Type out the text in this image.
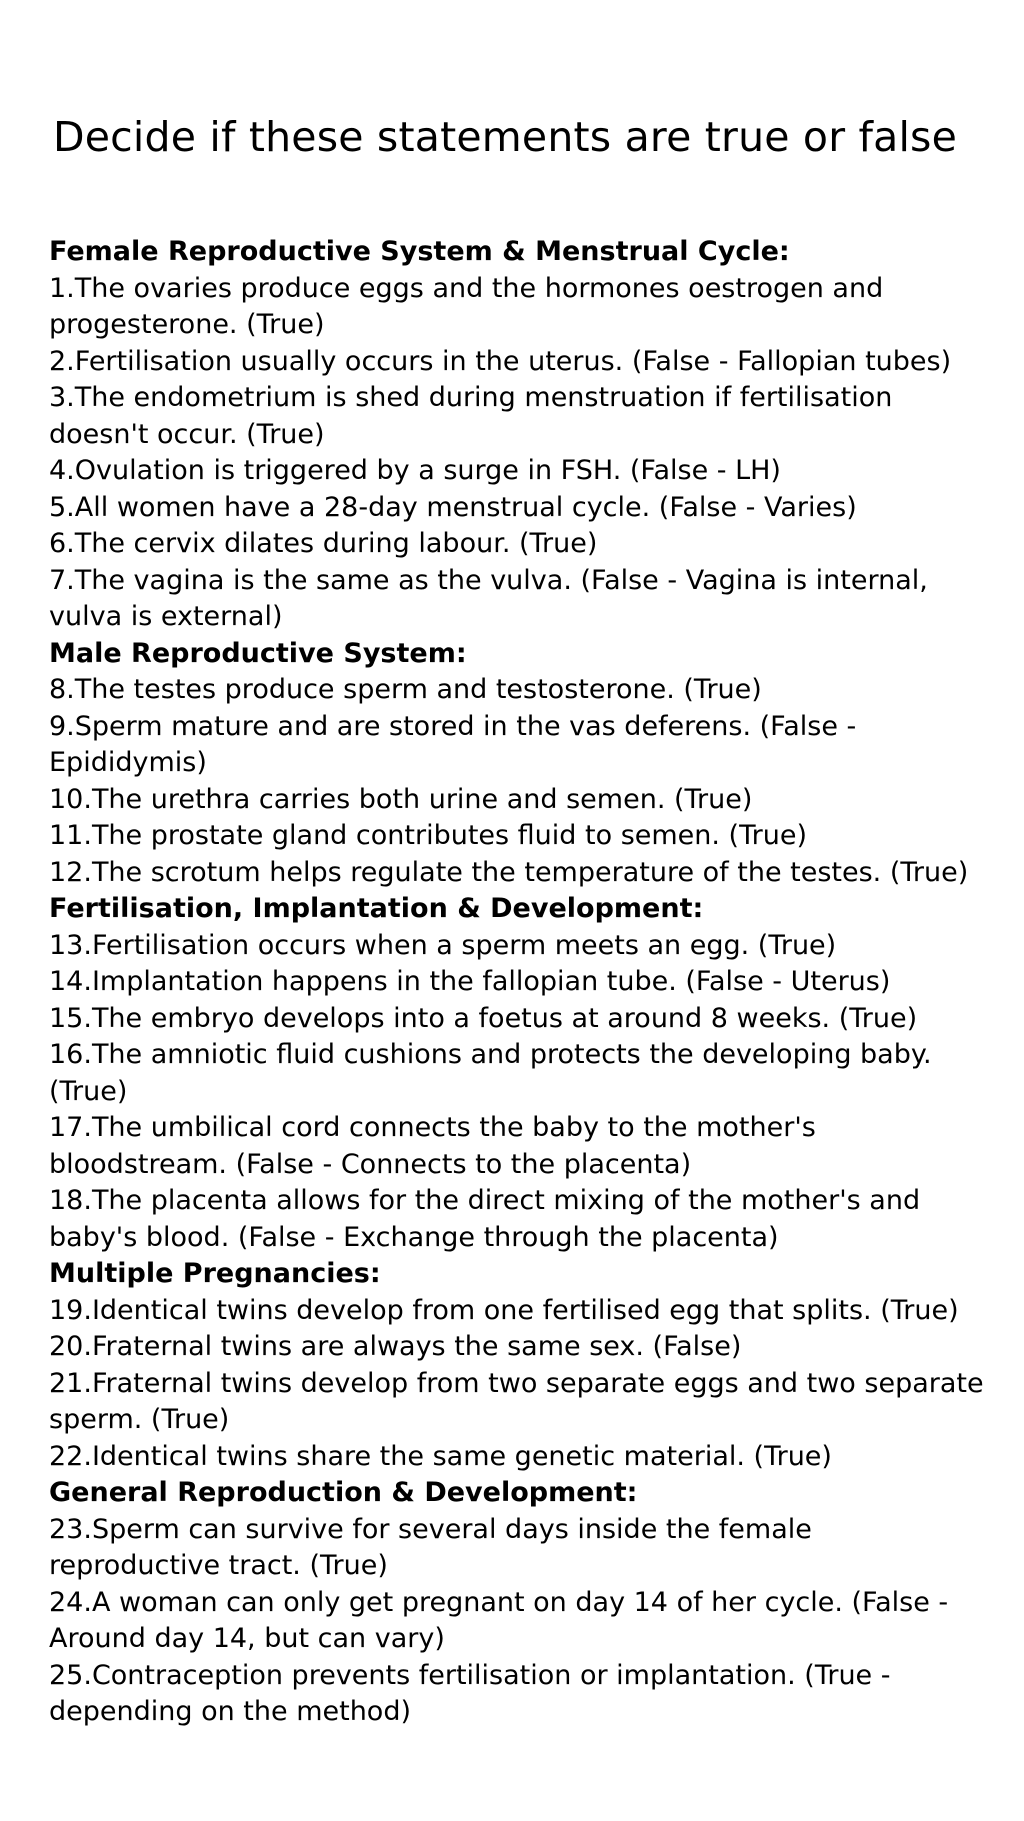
Decide if these statements are true or false

Female Reproductive System & Menstrual Cycle:

1.The ovaries produce eggs and the hormones oestrogen and progesterone. (True)

2.Fertilisation usually occurs in the uterus. (False - Fallopian tubes)

3.The endometrium is shed during menstruation if fertilisation doesn't occur. (True)

4.Ovulation is triggered by a surge in FSH. (False - LH)

5.All women have a 28-day menstrual cycle. (False - Varies)

6.The cervix dilates during labour. (True)

7.The vagina is the same as the vulva. (False - Vagina is internal, vulva is external)

Male Reproductive System:

8.The testes produce sperm and testosterone. (True)

9.Sperm mature and are stored in the vas deferens. (False - Epididymis)

10.The urethra carries both urine and semen. (True)

11.The prostate gland contributes fluid to semen. (True)

12.The scrotum helps regulate the temperature of the testes. (True)

Fertilisation, Implantation & Development:

13.Fertilisation occurs when a sperm meets an egg. (True)

14.Implantation happens in the fallopian tube. (False - Uterus)

15.The embryo develops into a foetus at around 8 weeks. (True)

16.The amniotic fluid cushions and protects the developing baby. (True)

17.The umbilical cord connects the baby to the mother's bloodstream. (False - Connects to the placenta)

18.The placenta allows for the direct mixing of the mother's and baby's blood. (False - Exchange through the placenta)

Multiple Pregnancies:

19.Identical twins develop from one fertilised egg that splits. (True)

20.Fraternal twins are always the same sex. (False)

21.Fraternal twins develop from two separate eggs and two separate sperm. (True)

22.Identical twins share the same genetic material. (True)

General Reproduction & Development:

23.Sperm can survive for several days inside the female reproductive tract. (True)

24.A woman can only get pregnant on day 14 of her cycle. (False - Around day 14, but can vary)

25.Contraception prevents fertilisation or implantation. (True - depending on the method)
